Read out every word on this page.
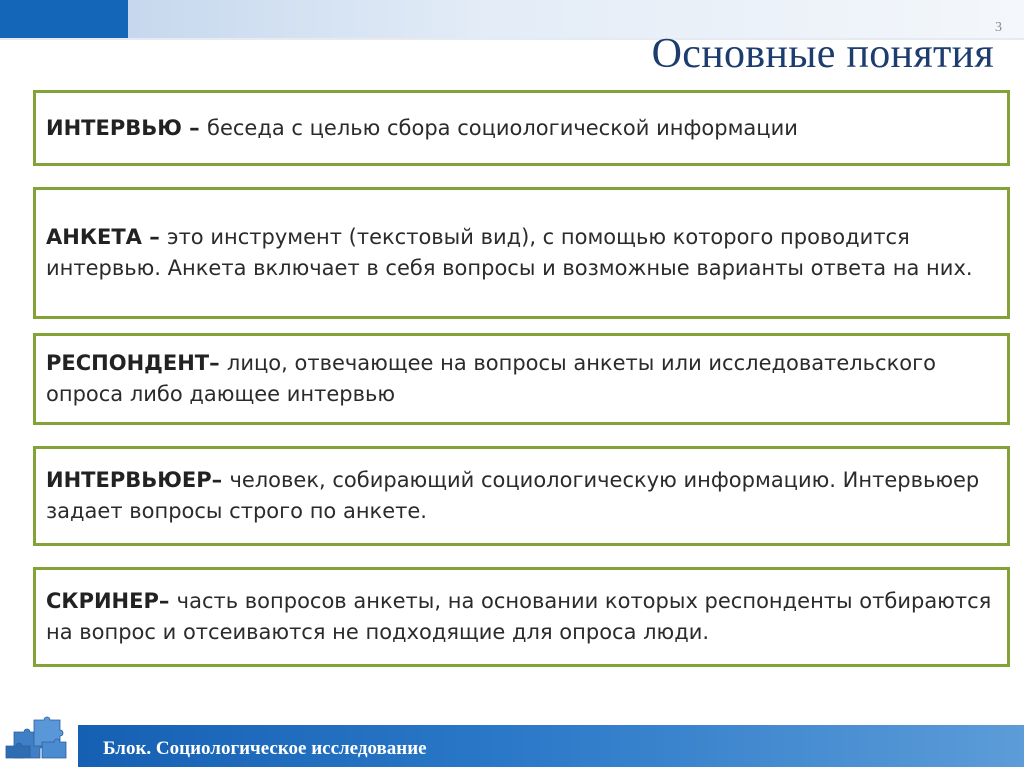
3
Основные понятия
ИНТЕРВЬЮ – беседа с целью сбора социологической информации
АНКЕТА – это инструмент (текстовый вид), с помощью которого проводится интервью. Анкета включает в себя вопросы и возможные варианты ответа на них.
РЕСПОНДЕНТ– лицо, отвечающее на вопросы анкеты или исследовательского опроса либо дающее интервью
ИНТЕРВЬЮЕР– человек, собирающий социологическую информацию. Интервьюер задает вопросы строго по анкете.
СКРИНЕР– часть вопросов анкеты, на основании которых респонденты отбираются на вопрос и отсеиваются не подходящие для опроса люди.
Блок. Социологическое исследование
